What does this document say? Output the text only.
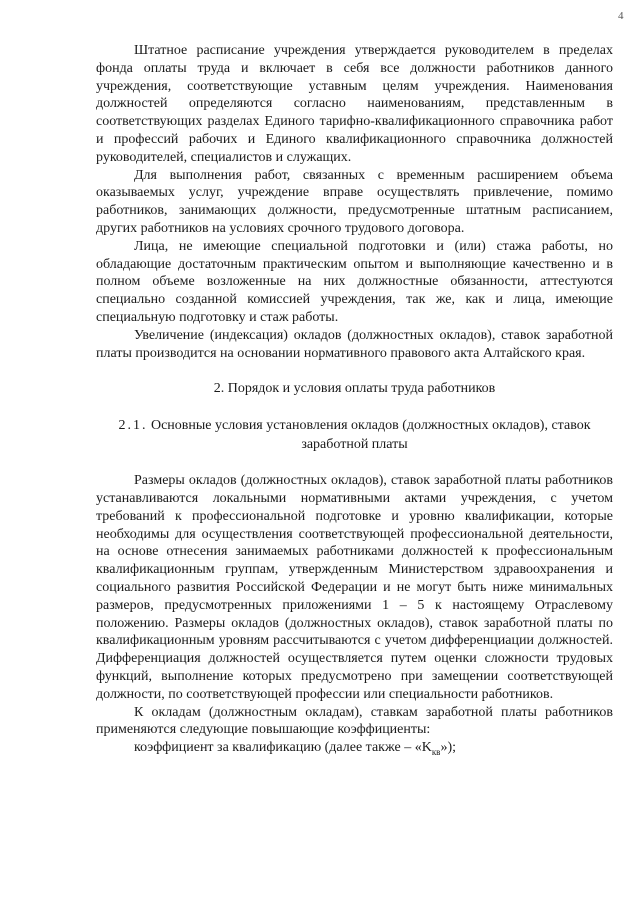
4

Штатное расписание учреждения утверждается руководителем в пределах фонда оплаты труда и включает в себя все должности работников данного учреждения, соответствующие уставным целям учреждения. Наименования должностей определяются согласно наименованиям, представленным в соответствующих разделах Единого тарифно-квалификационного справочника работ и профессий рабочих и Единого квалификационного справочника должностей руководителей, специалистов и служащих.

Для выполнения работ, связанных с временным расширением объема оказываемых услуг, учреждение вправе осуществлять привлечение, помимо работников, занимающих должности, предусмотренные штатным расписанием, других работников на условиях срочного трудового договора.

Лица, не имеющие специальной подготовки и (или) стажа работы, но обладающие достаточным практическим опытом и выполняющие качественно и в полном объеме возложенные на них должностные обязанности, аттестуются специально созданной комиссией учреждения, так же, как и лица, имеющие специальную подготовку и стаж работы.

Увеличение (индексация) окладов (должностных окладов), ставок заработной платы производится на основании нормативного правового акта Алтайского края.

2. Порядок и условия оплаты труда работников

2.1. Основные условия установления окладов (должностных окладов), ставок заработной платы

Размеры окладов (должностных окладов), ставок заработной платы работников устанавливаются локальными нормативными актами учреждения, с учетом требований к профессиональной подготовке и уровню квалификации, которые необходимы для осуществления соответствующей профессиональной деятельности, на основе отнесения занимаемых работниками должностей к профессиональным квалификационным группам, утвержденным Министерством здравоохранения и социального развития Российской Федерации и не могут быть ниже минимальных размеров, предусмотренных приложениями 1 – 5 к настоящему Отраслевому положению. Размеры окладов (должностных окладов), ставок заработной платы по квалификационным уровням рассчитываются с учетом дифференциации должностей. Дифференциация должностей осуществляется путем оценки сложности трудовых функций, выполнение которых предусмотрено при замещении соответствующей должности, по соответствующей профессии или специальности работников.

К окладам (должностным окладам), ставкам заработной платы работников применяются следующие повышающие коэффициенты:

коэффициент за квалификацию (далее также – «$K_{кв}$»);
